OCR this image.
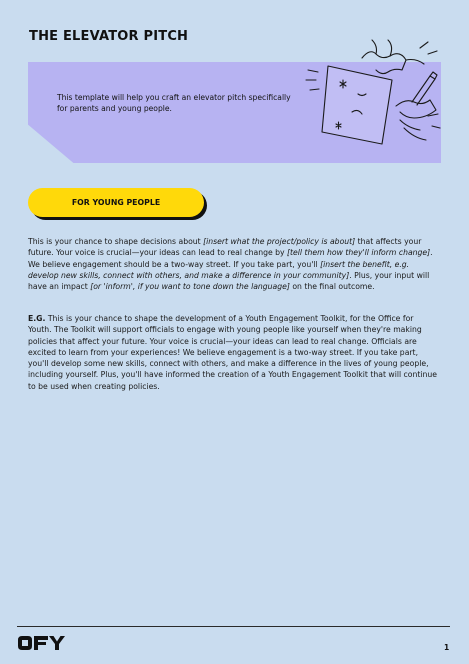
THE ELEVATOR PITCH
This template will help you craft an elevator pitch specifically for parents and young people.
FOR YOUNG PEOPLE

This is your chance to shape decisions about [insert what the project/policy is about] that affects your future. Your voice is crucial—your ideas can lead to real change by [tell them how they'll inform change]. We believe engagement should be a two-way street. If you take part, you'll [insert the benefit, e.g. develop new skills, connect with others, and make a difference in your community]. Plus, your input will have an impact [or 'inform', if you want to tone down the language] on the final outcome.

E.G. This is your chance to shape the development of a Youth Engagement Toolkit, for the Office for Youth. The Toolkit will support officials to engage with young people like yourself when they're making policies that affect your future. Your voice is crucial—your ideas can lead to real change. Officials are excited to learn from your experiences! We believe engagement is a two-way street. If you take part, you'll develop some new skills, connect with others, and make a difference in the lives of young people, including yourself. Plus, you'll have informed the creation of a Youth Engagement Toolkit that will continue to be used when creating policies.

1
